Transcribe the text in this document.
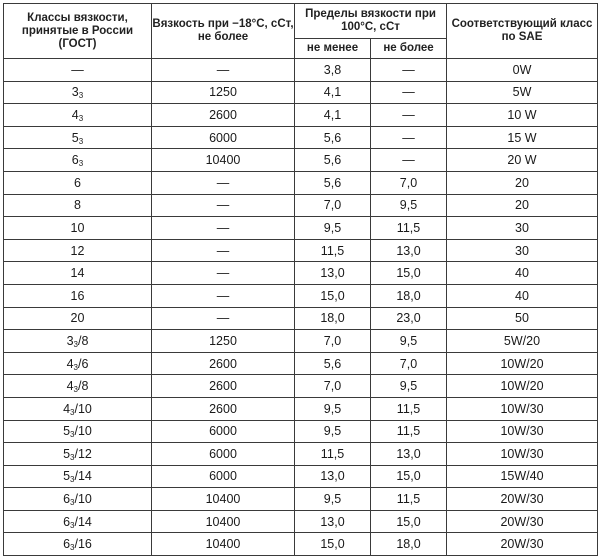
Классы вязкости, принятые в России (ГОСТ)	Вязкость при −18°С, сСт, не более	Пределы вязкости при 100°С, сСт		Соответствующий класс по SAE
		не менее	не более	
—	—	3,8	—	0W
$3_3$	1250	4,1	—	5W
$4_3$	2600	4,1	—	10 W
$5_3$	6000	5,6	—	15 W
$6_3$	10400	5,6	—	20 W
6	—	5,6	7,0	20
8	—	7,0	9,5	20
10	—	9,5	11,5	30
12	—	11,5	13,0	30
14	—	13,0	15,0	40
16	—	15,0	18,0	40
20	—	18,0	23,0	50
$3_3/8$	1250	7,0	9,5	5W/20
$4_3/6$	2600	5,6	7,0	10W/20
$4_3/8$	2600	7,0	9,5	10W/20
$4_3/10$	2600	9,5	11,5	10W/30
$5_3/10$	6000	9,5	11,5	10W/30
$5_3/12$	6000	11,5	13,0	10W/30
$5_3/14$	6000	13,0	15,0	15W/40
$6_3/10$	10400	9,5	11,5	20W/30
$6_3/14$	10400	13,0	15,0	20W/30
$6_3/16$	10400	15,0	18,0	20W/30
